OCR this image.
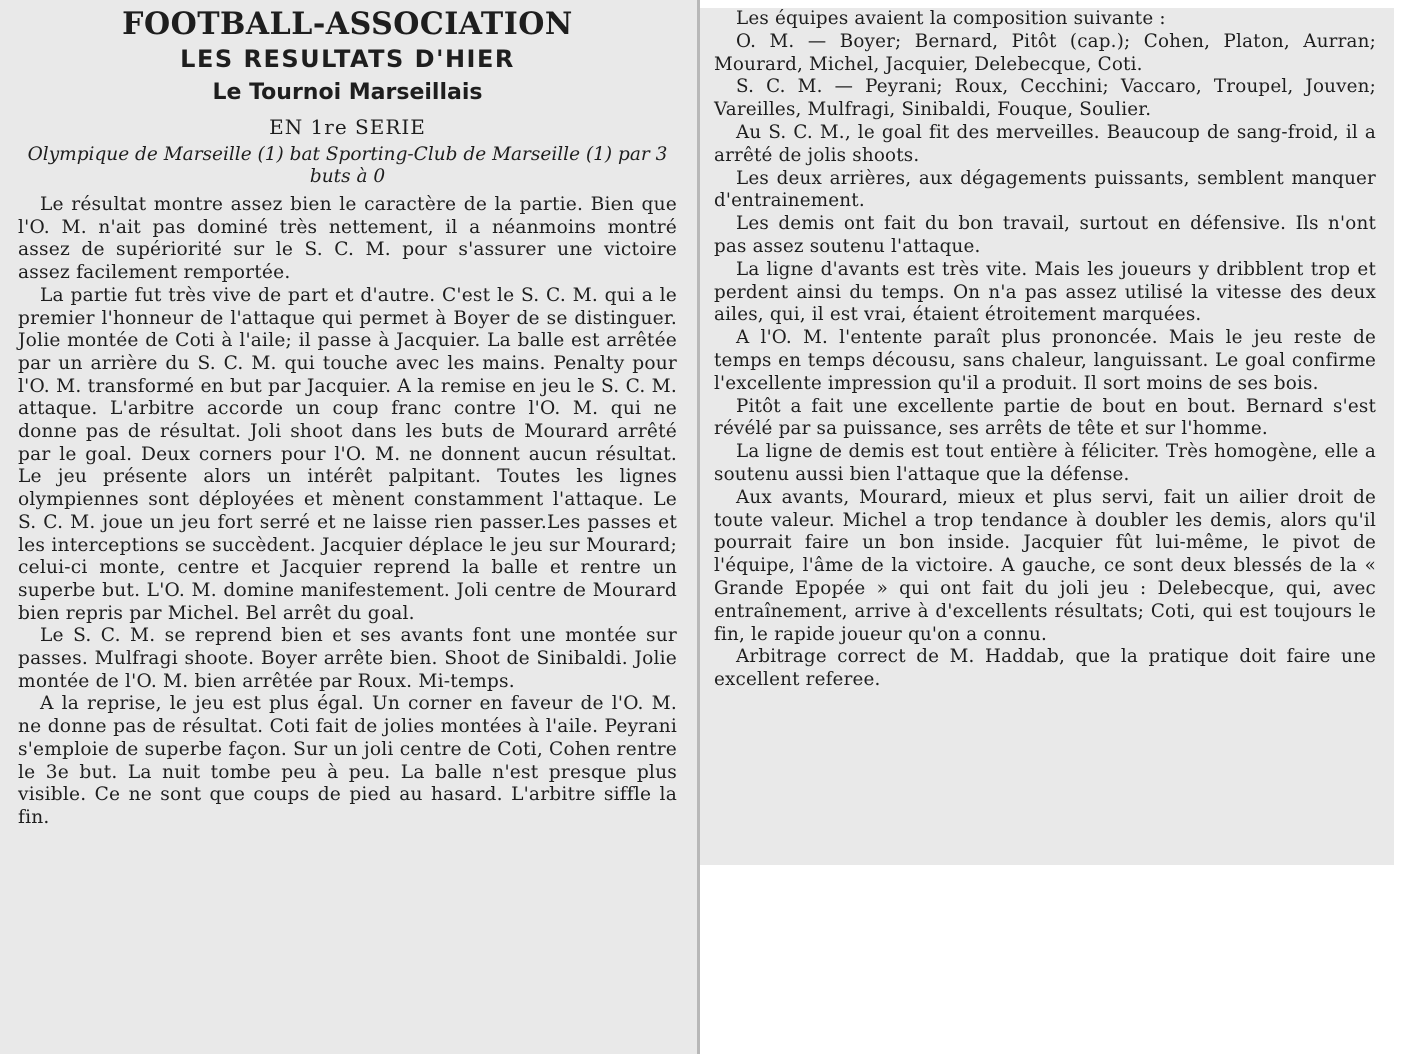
FOOTBALL-ASSOCIATION
LES RESULTATS D'HIER
Le Tournoi Marseillais
EN 1re SERIE
Olympique de Marseille (1) bat Sporting-Club de Marseille (1) par 3 buts à 0

Le résultat montre assez bien le caractère de la partie. Bien que l'O. M. n'ait pas dominé très nettement, il a néanmoins montré assez de supériorité sur le S. C. M. pour s'assurer une victoire assez facilement remportée.

La partie fut très vive de part et d'autre. C'est le S. C. M. qui a le premier l'honneur de l'attaque qui permet à Boyer de se distinguer. Jolie montée de Coti à l'aile; il passe à Jacquier. La balle est arrêtée par un arrière du S. C. M. qui touche avec les mains. Penalty pour l'O. M. transformé en but par Jacquier. A la remise en jeu le S. C. M. attaque. L'arbitre accorde un coup franc contre l'O. M. qui ne donne pas de résultat. Joli shoot dans les buts de Mourard arrêté par le goal. Deux corners pour l'O. M. ne donnent aucun résultat. Le jeu présente alors un intérêt palpitant. Toutes les lignes olympiennes sont déployées et mènent constamment l'attaque. Le S. C. M. joue un jeu fort serré et ne laisse rien passer.Les passes et les interceptions se succèdent. Jacquier déplace le jeu sur Mourard; celui-ci monte, centre et Jacquier reprend la balle et rentre un superbe but. L'O. M. domine manifestement. Joli centre de Mourard bien repris par Michel. Bel arrêt du goal.

Le S. C. M. se reprend bien et ses avants font une montée sur passes. Mulfragi shoote. Boyer arrête bien. Shoot de Sinibaldi. Jolie montée de l'O. M. bien arrêtée par Roux. Mi-temps.

A la reprise, le jeu est plus égal. Un corner en faveur de l'O. M. ne donne pas de résultat. Coti fait de jolies montées à l'aile. Peyrani s'emploie de superbe façon. Sur un joli centre de Coti, Cohen rentre le 3e but. La nuit tombe peu à peu. La balle n'est presque plus visible. Ce ne sont que coups de pied au hasard. L'arbitre siffle la fin.

Les équipes avaient la composition suivante :

O. M. — Boyer; Bernard, Pitôt (cap.); Cohen, Platon, Aurran; Mourard, Michel, Jacquier, Delebecque, Coti.

S. C. M. — Peyrani; Roux, Cecchini; Vaccaro, Troupel, Jouven; Vareilles, Mulfragi, Sinibaldi, Fouque, Soulier.

Au S. C. M., le goal fit des merveilles. Beaucoup de sang-froid, il a arrêté de jolis shoots.

Les deux arrières, aux dégagements puissants, semblent manquer d'entrainement.

Les demis ont fait du bon travail, surtout en défensive. Ils n'ont pas assez soutenu l'attaque.

La ligne d'avants est très vite. Mais les joueurs y dribblent trop et perdent ainsi du temps. On n'a pas assez utilisé la vitesse des deux ailes, qui, il est vrai, étaient étroitement marquées.

A l'O. M. l'entente paraît plus prononcée. Mais le jeu reste de temps en temps décousu, sans chaleur, languissant. Le goal confirme l'excellente impression qu'il a produit. Il sort moins de ses bois.

Pitôt a fait une excellente partie de bout en bout. Bernard s'est révélé par sa puissance, ses arrêts de tête et sur l'homme.

La ligne de demis est tout entière à féliciter. Très homogène, elle a soutenu aussi bien l'attaque que la défense.

Aux avants, Mourard, mieux et plus servi, fait un ailier droit de toute valeur. Michel a trop tendance à doubler les demis, alors qu'il pourrait faire un bon inside. Jacquier fût lui-même, le pivot de l'équipe, l'âme de la victoire. A gauche, ce sont deux blessés de la « Grande Epopée » qui ont fait du joli jeu : Delebecque, qui, avec entraînement, arrive à d'excellents résultats; Coti, qui est toujours le fin, le rapide joueur qu'on a connu.

Arbitrage correct de M. Haddab, que la pratique doit faire une excellent referee.
